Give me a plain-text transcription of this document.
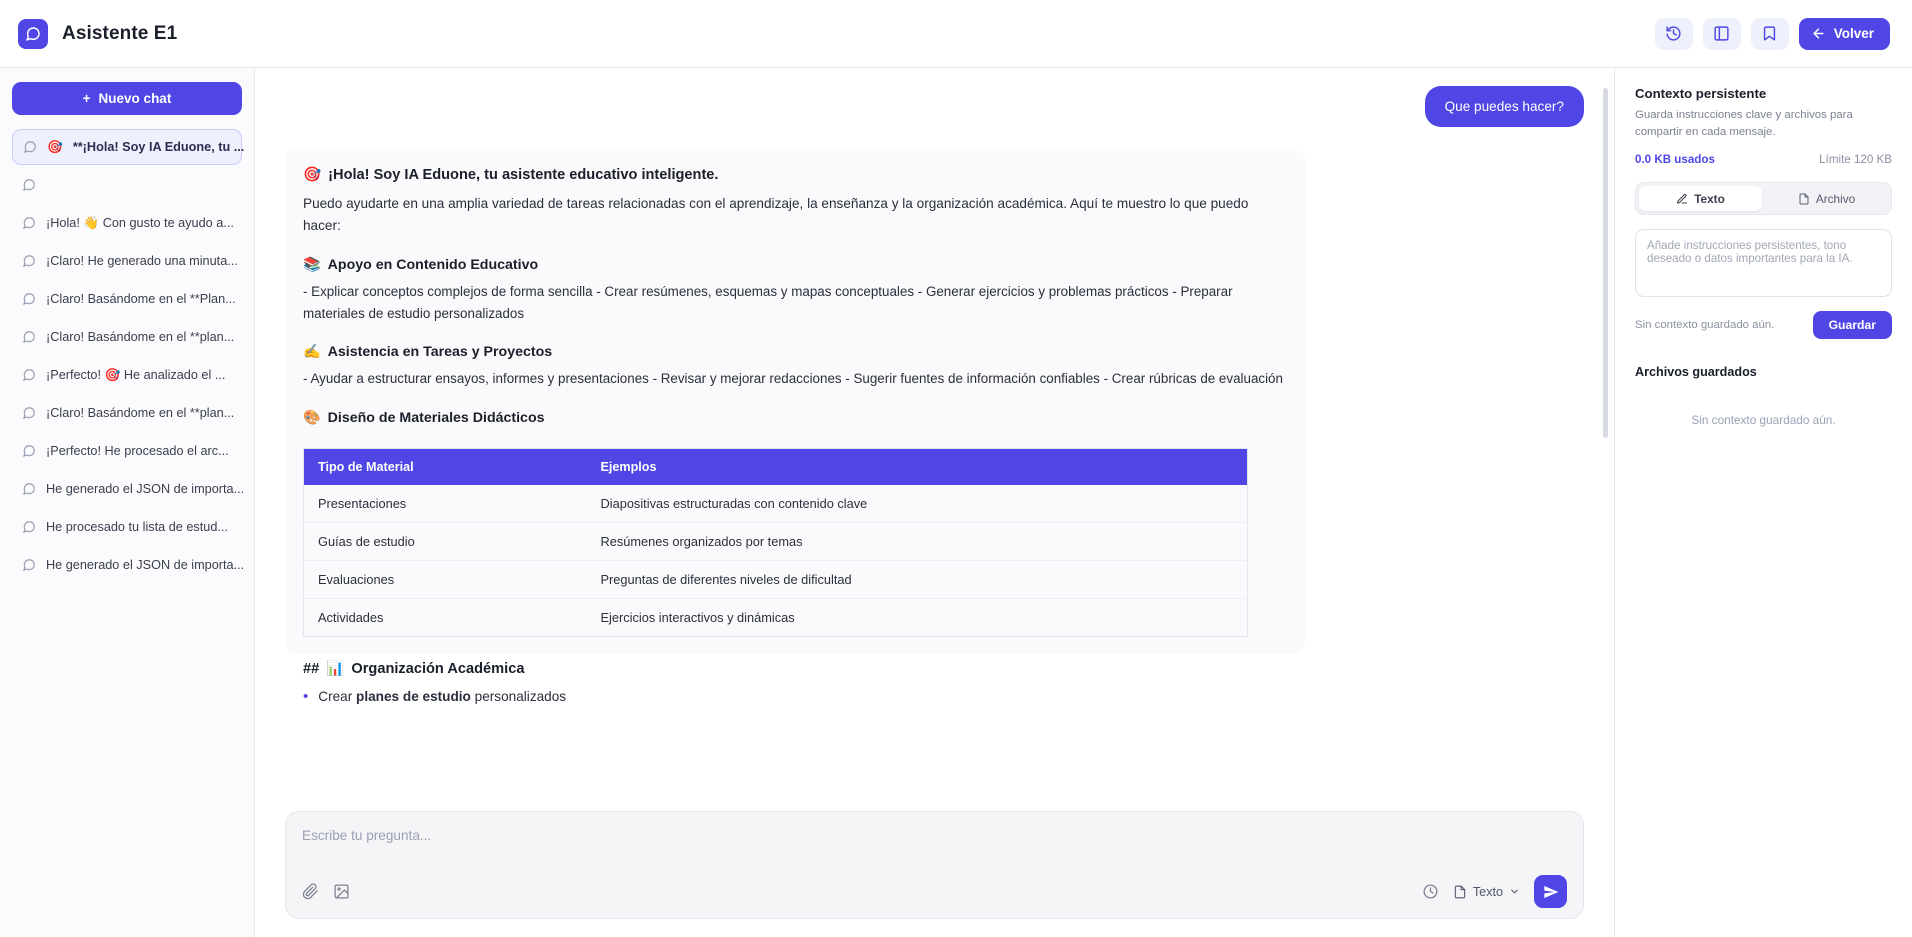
Asistente E1	Volver
+ Nuevo chat
🎯 **¡Hola! Soy IA Eduone, tu ...
¡Hola! 👋 Con gusto te ayudo a...
¡Claro! He generado una minuta...
¡Claro! Basándome en el **Plan...
¡Claro! Basándome en el **plan...
¡Perfecto! 🎯 He analizado el ...
¡Claro! Basándome en el **plan...
¡Perfecto! He procesado el arc...
He generado el JSON de importa...
He procesado tu lista de estud...
He generado el JSON de importa...
Que puedes hacer?
🎯 ¡Hola! Soy IA Eduone, tu asistente educativo inteligente.
Puedo ayudarte en una amplia variedad de tareas relacionadas con el aprendizaje, la enseñanza y la organización académica. Aquí te muestro lo que puedo hacer:
📚 Apoyo en Contenido Educativo
- Explicar conceptos complejos de forma sencilla - Crear resúmenes, esquemas y mapas conceptuales - Generar ejercicios y problemas prácticos - Preparar materiales de estudio personalizados
✍️ Asistencia en Tareas y Proyectos
- Ayudar a estructurar ensayos, informes y presentaciones - Revisar y mejorar redacciones - Sugerir fuentes de información confiables - Crear rúbricas de evaluación
🎨 Diseño de Materiales Didácticos
Tipo de Material	Ejemplos
Presentaciones	Diapositivas estructuradas con contenido clave
Guías de estudio	Resúmenes organizados por temas
Evaluaciones	Preguntas de diferentes niveles de dificultad
Actividades	Ejercicios interactivos y dinámicas
## 📊 Organización Académica
• Crear planes de estudio personalizados
Escribe tu pregunta...
Texto
Contexto persistente
Guarda instrucciones clave y archivos para compartir en cada mensaje.
0.0 KB usados	Límite 120 KB
Texto	Archivo
Añade instrucciones persistentes, tono deseado o datos importantes para la IA.
Sin contexto guardado aún.	Guardar
Archivos guardados
Sin contexto guardado aún.
